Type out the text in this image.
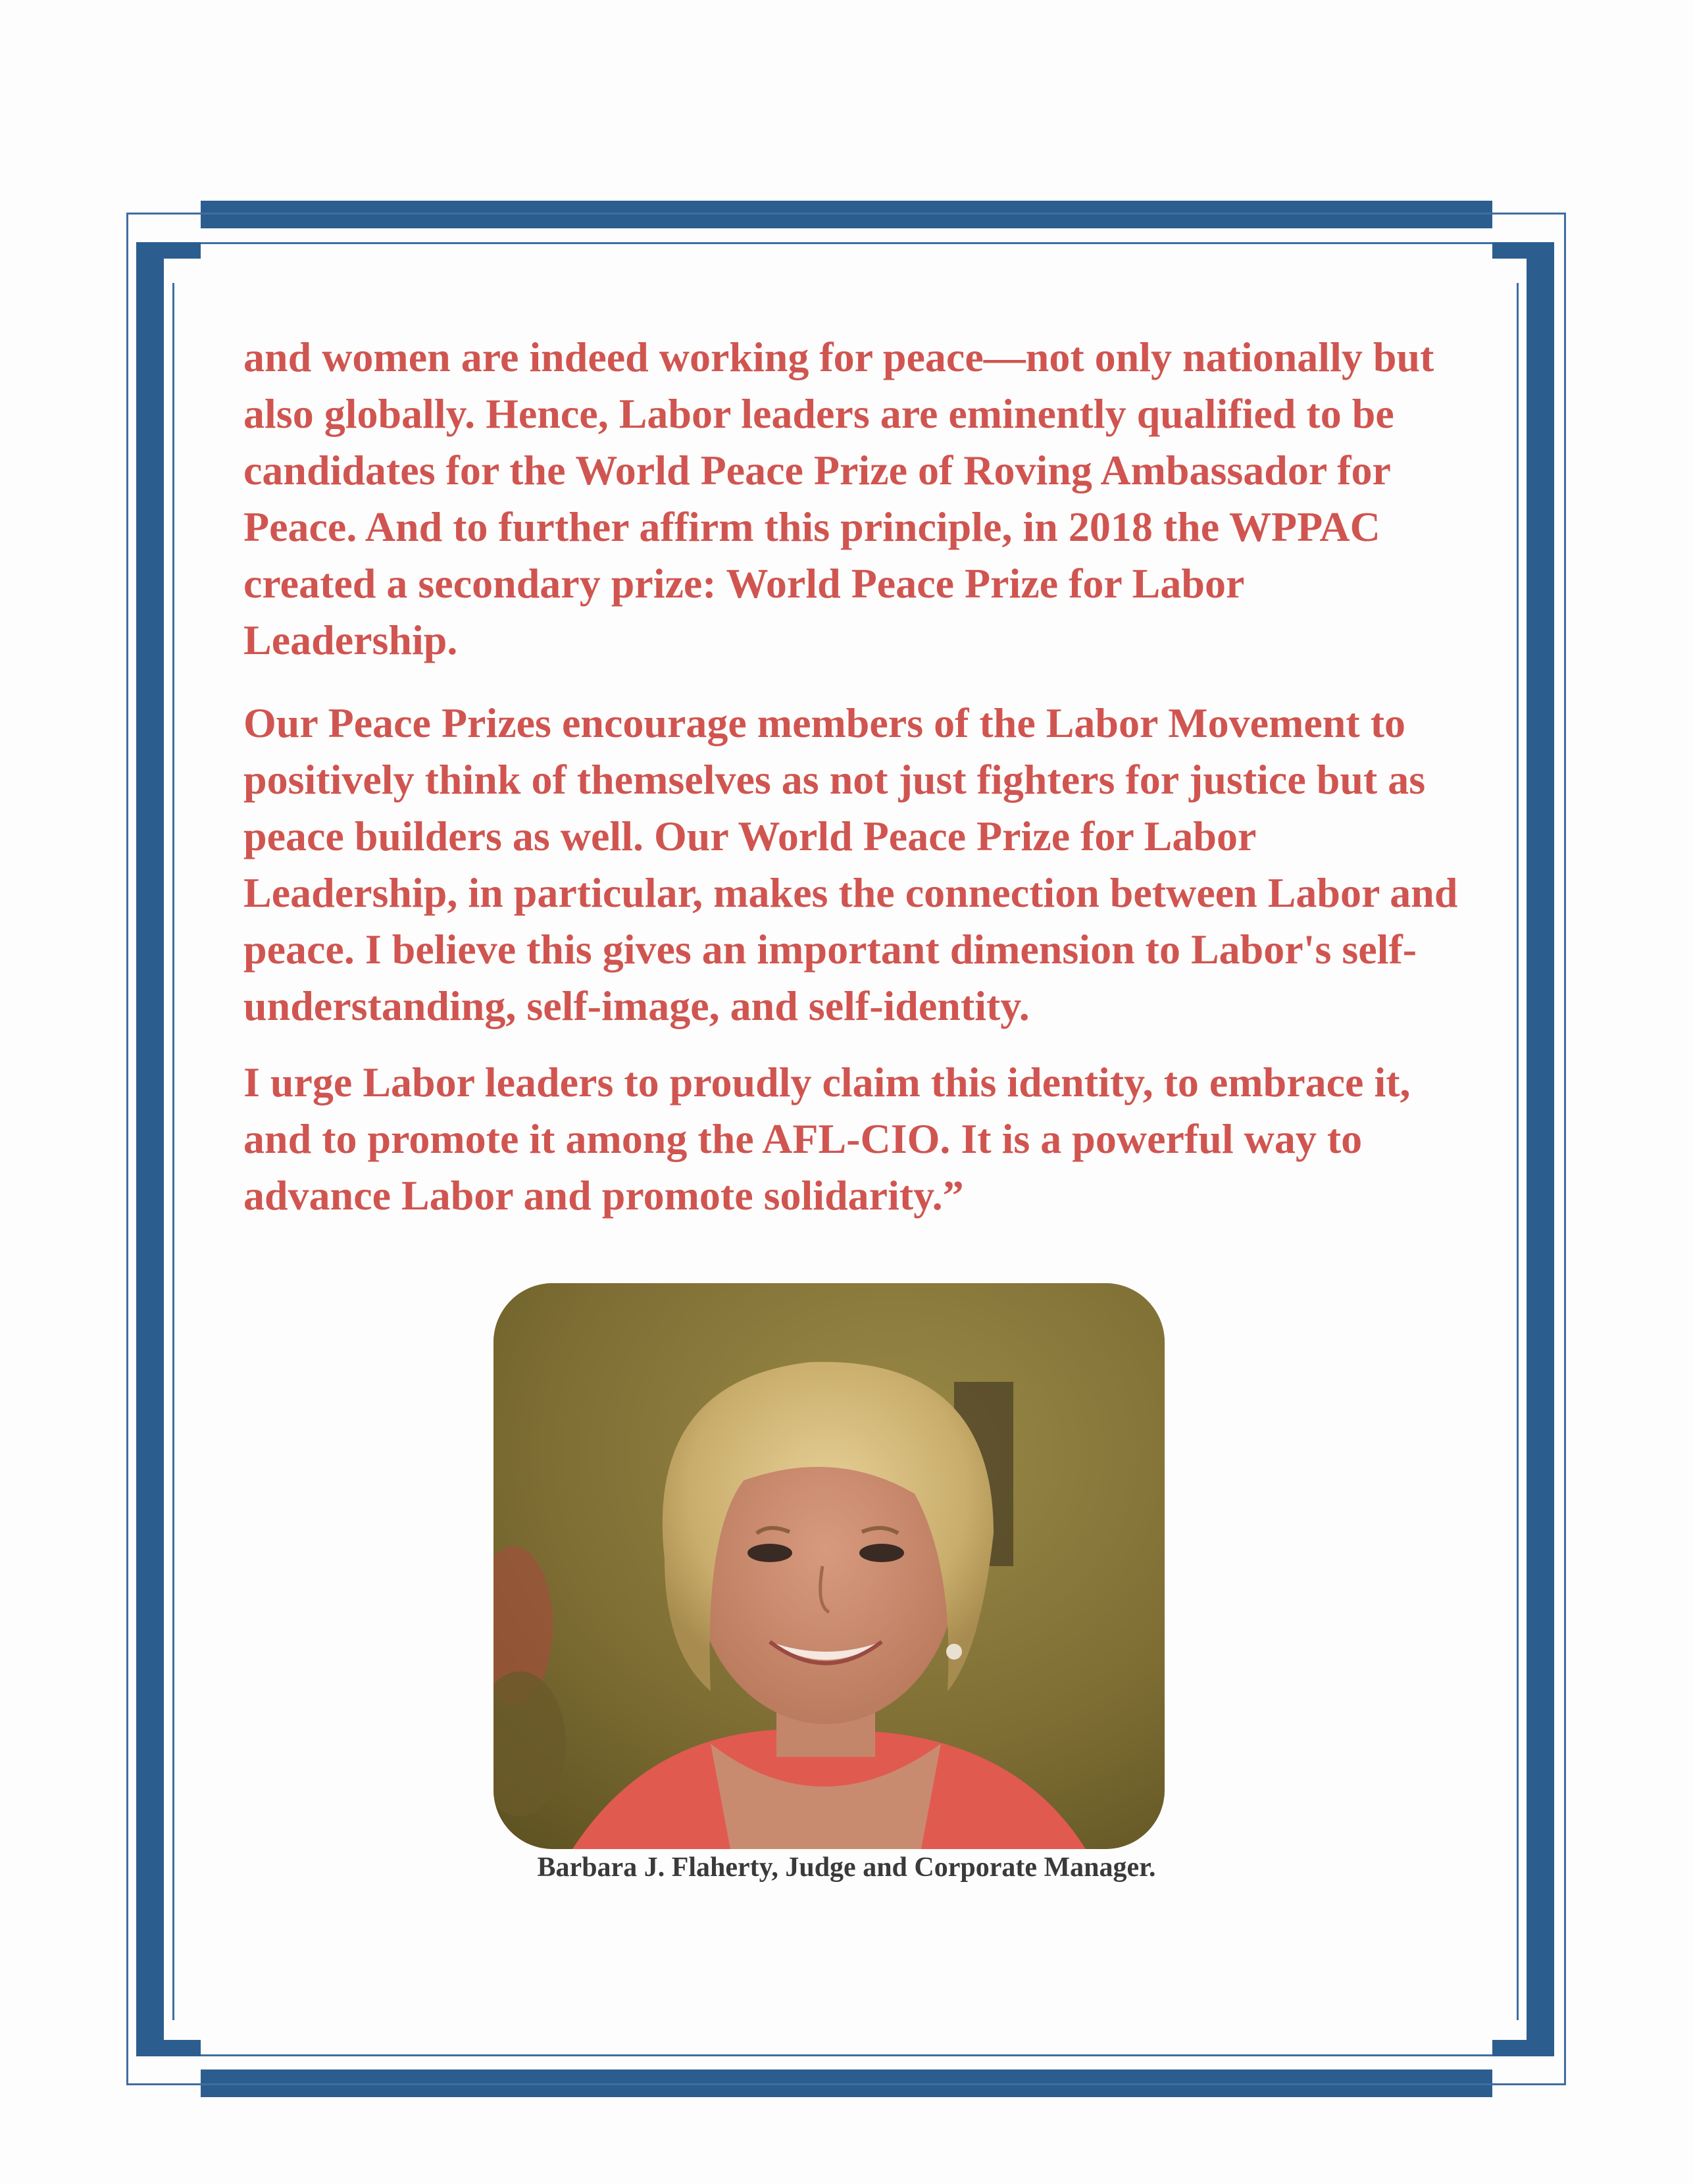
and women are indeed working for peace—not only nationally but also globally. Hence, Labor leaders are eminently qualified to be candidates for the World Peace Prize of Roving Ambassador for Peace. And to further affirm this principle, in 2018 the WPPAC created a secondary prize: World Peace Prize for Labor Leadership.

Our Peace Prizes encourage members of the Labor Movement to positively think of themselves as not just fighters for justice but as peace builders as well. Our World Peace Prize for Labor Leadership, in particular, makes the connection between Labor and peace. I believe this gives an important dimension to Labor's self-understanding, self-image, and self-identity.

I urge Labor leaders to proudly claim this identity, to embrace it, and to promote it among the AFL-CIO. It is a powerful way to advance Labor and promote solidarity.”

Barbara J. Flaherty, Judge and Corporate Manager.
